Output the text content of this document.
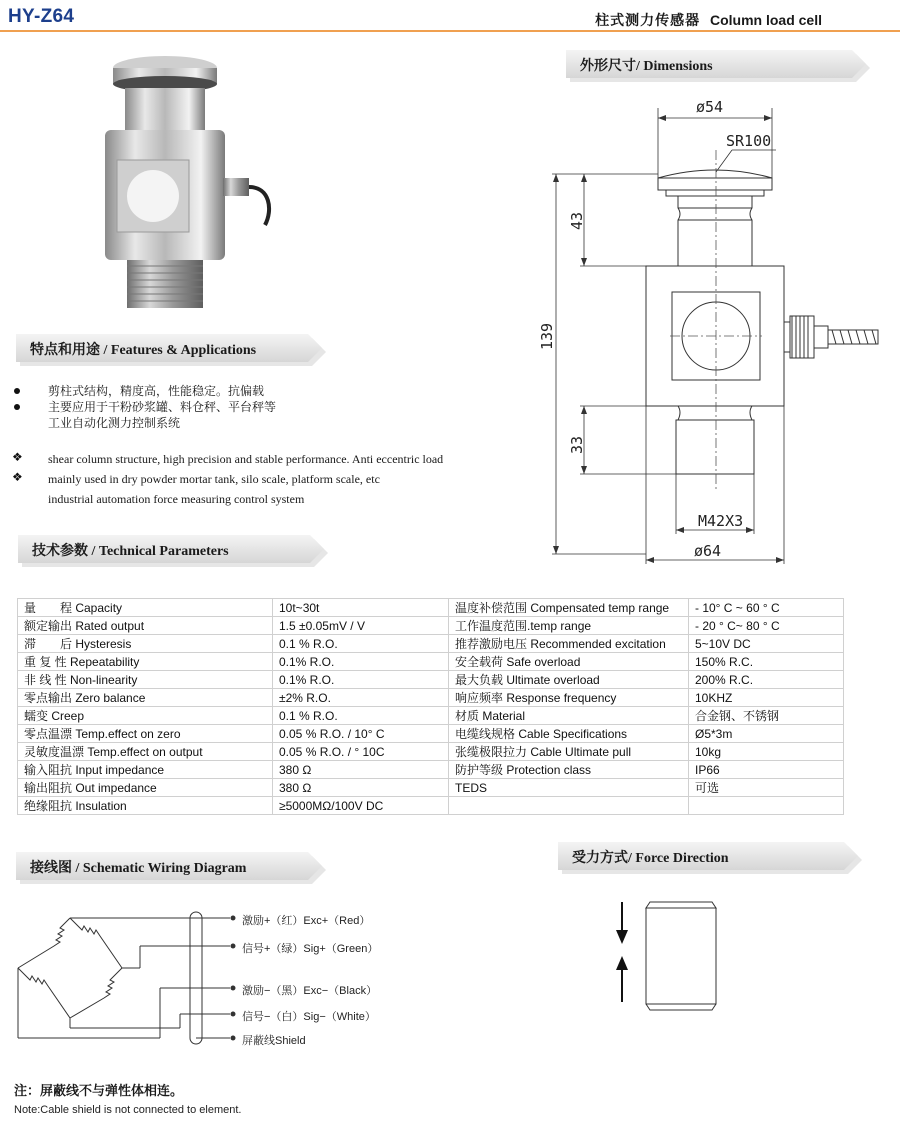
HY-Z64	柱式测力传感器 Column load cell
外形尺寸/ Dimensions
ø54
SR100
M42X3
ø64
139
43
33
特点和用途 / Features & Applications
剪柱式结构，精度高，性能稳定。抗偏载
主要应用于干粉砂浆罐、料仓秤、平台秤等
工业自动化测力控制系统
❖ shear column structure, high precision and stable performance. Anti eccentric load
❖ mainly used in dry powder mortar tank, silo scale, platform scale, etc
industrial automation force measuring control system
技术参数 / Technical Parameters
量　　程 Capacity	10t~30t	温度补偿范围 Compensated temp range	- 10° C ~ 60 ° C
额定输出 Rated output	1.5 ±0.05mV / V	工作温度范围.temp range	- 20 ° C~ 80 ° C
滞　　后 Hysteresis	0.1 % R.O.	推荐激励电压 Recommended excitation	5~10V DC
重 复 性 Repeatability	0.1% R.O.	安全载荷 Safe overload	150% R.C.
非 线 性 Non-linearity	0.1% R.O.	最大负载 Ultimate overload	200% R.C.
零点输出 Zero balance	±2% R.O.	响应频率 Response frequency	10KHZ
蠕变 Creep	0.1 % R.O.	材质 Material	合金钢、不锈钢
零点温漂 Temp.effect on zero	0.05 % R.O. / 10° C	电缆线规格 Cable Specifications	Ø5*3m
灵敏度温漂 Temp.effect on output	0.05 % R.O. / ° 10C	张缆极限拉力 Cable Ultimate pull	10kg
输入阻抗 Input impedance	380 Ω	防护等级 Protection class	IP66
输出阻抗 Out impedance	380 Ω	TEDS	可选
绝缘阻抗 Insulation	≥5000MΩ/100V DC		
接线图 / Schematic Wiring Diagram
激励+（红）Exc+（Red）
信号+（绿）Sig+（Green）
激励−（黑）Exc−（Black）
信号−（白）Sig−（White）
屏蔽线Shield
受力方式/ Force Direction
注：屏蔽线不与弹性体相连。
Note:Cable shield is not connected to element.
